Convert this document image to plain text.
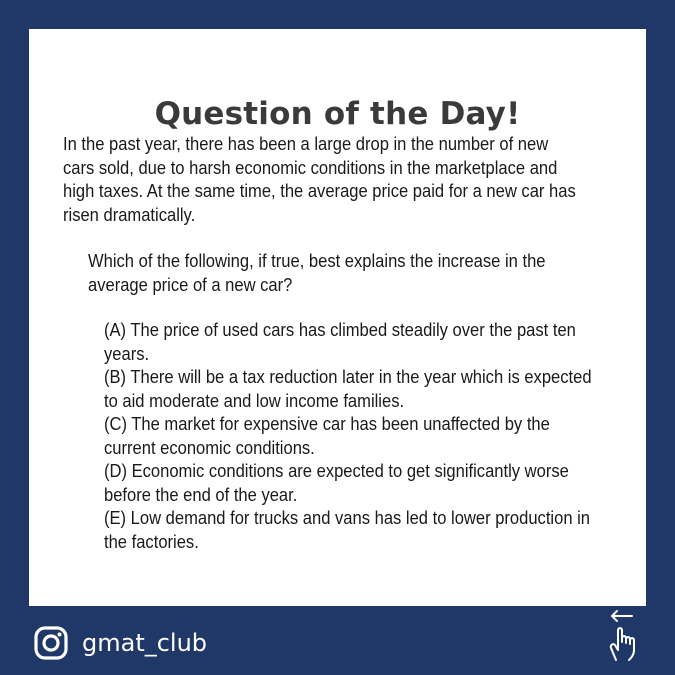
Question of the Day!

In the past year, there has been a large drop in the number of new cars sold, due to harsh economic conditions in the marketplace and high taxes. At the same time, the average price paid for a new car has risen dramatically.

Which of the following, if true, best explains the increase in the average price of a new car?

(A) The price of used cars has climbed steadily over the past ten years.
(B) There will be a tax reduction later in the year which is expected to aid moderate and low income families.
(C) The market for expensive car has been unaffected by the current economic conditions.
(D) Economic conditions are expected to get significantly worse before the end of the year.
(E) Low demand for trucks and vans has led to lower production in the factories.
gmat_club
